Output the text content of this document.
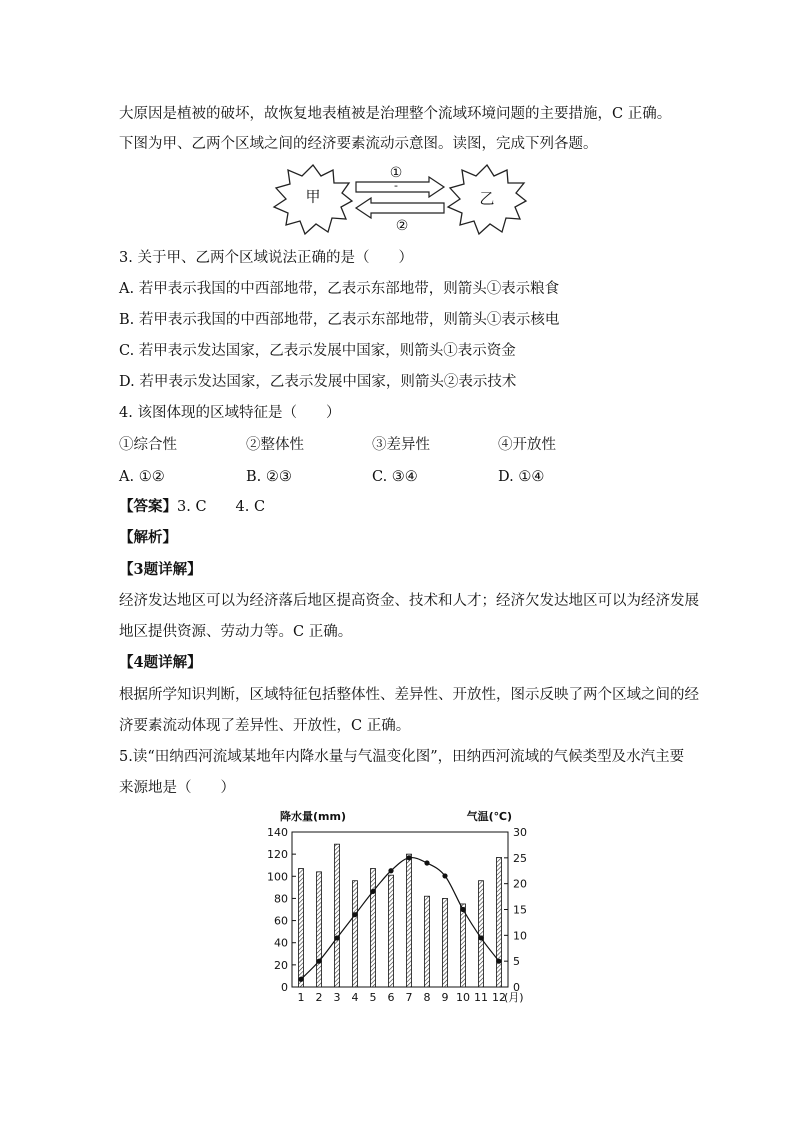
大原因是植被的破坏，故恢复地表植被是治理整个流域环境问题的主要措施，C 正确。
下图为甲、乙两个区域之间的经济要素流动示意图。读图，完成下列各题。
甲	乙
①
-
②
3. 关于甲、乙两个区域说法正确的是（　　）
A. 若甲表示我国的中西部地带，乙表示东部地带，则箭头①表示粮食
B. 若甲表示我国的中西部地带，乙表示东部地带，则箭头①表示核电
C. 若甲表示发达国家，乙表示发展中国家，则箭头①表示资金
D. 若甲表示发达国家，乙表示发展中国家，则箭头②表示技术
4. 该图体现的区域特征是（　　）
①综合性	②整体性	③差异性	④开放性
A. ①②	B. ②③	C. ③④	D. ①④
【答案】3. C　　4. C
【解析】
【3题详解】
经济发达地区可以为经济落后地区提高资金、技术和人才；经济欠发达地区可以为经济发展
地区提供资源、劳动力等。C 正确。
【4题详解】
根据所学知识判断，区域特征包括整体性、差异性、开放性，图示反映了两个区域之间的经
济要素流动体现了差异性、开放性，C 正确。
5.读“田纳西河流域某地年内降水量与气温变化图”，田纳西河流域的气候类型及水汽主要
来源地是（　　）
降水量(mm)	气温(℃)
0
20
40
60
80
100
120
140
0
5
10
15
20
25
30
1 2 3 4 5 6 7 8 9 10 11 12
(月)
